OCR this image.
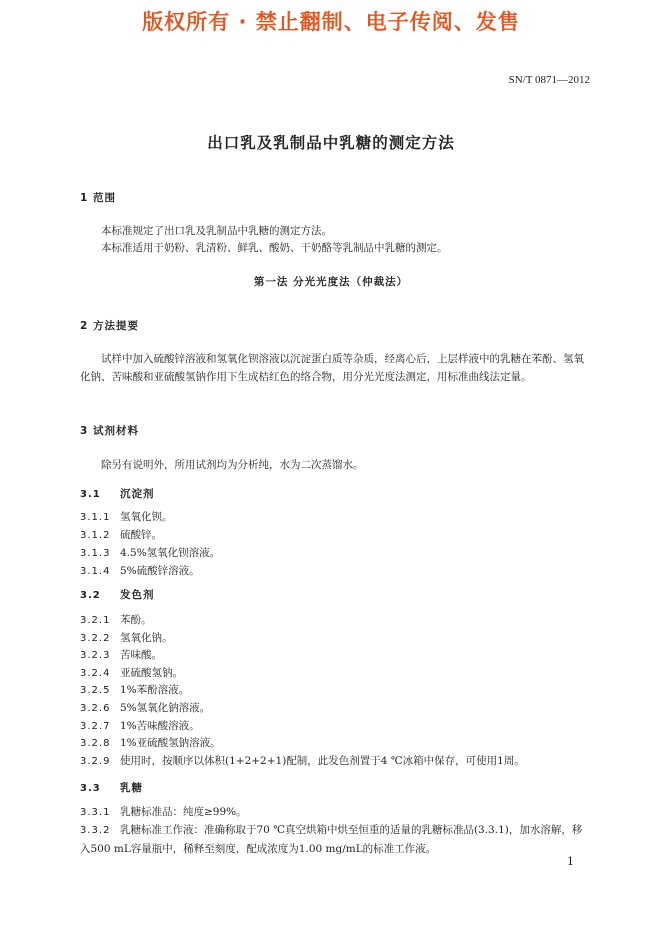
版权所有 · 禁止翻制、电子传阅、发售
SN/T 0871—2012
出口乳及乳制品中乳糖的测定方法
1 范围
本标准规定了出口乳及乳制品中乳糖的测定方法。
本标准适用于奶粉、乳清粉、鲜乳、酸奶、干奶酪等乳制品中乳糖的测定。
第一法 分光光度法（仲裁法）
2 方法提要
试样中加入硫酸锌溶液和氢氧化钡溶液以沉淀蛋白质等杂质，经离心后，上层样液中的乳糖在苯酚、氢氧化钠、苦味酸和亚硫酸氢钠作用下生成桔红色的络合物，用分光光度法测定，用标准曲线法定量。
3 试剂材料
除另有说明外，所用试剂均为分析纯，水为二次蒸馏水。
3.1 沉淀剂
3.1.1 氢氧化钡。
3.1.2 硫酸锌。
3.1.3 4.5%氢氧化钡溶液。
3.1.4 5%硫酸锌溶液。
3.2 发色剂
3.2.1 苯酚。
3.2.2 氢氧化钠。
3.2.3 苦味酸。
3.2.4 亚硫酸氢钠。
3.2.5 1%苯酚溶液。
3.2.6 5%氢氧化钠溶液。
3.2.7 1%苦味酸溶液。
3.2.8 1%亚硫酸氢钠溶液。
3.2.9 使用时，按顺序以体积(1+2+2+1)配制，此发色剂置于4 ℃冰箱中保存，可使用1周。
3.3 乳糖
3.3.1 乳糖标准品：纯度≥99%。
3.3.2 乳糖标准工作液：准确称取于70 ℃真空烘箱中烘至恒重的适量的乳糖标准品(3.3.1)，加水溶解，移入500 mL容量瓶中，稀释至刻度，配成浓度为1.00 mg/mL的标准工作液。
1
